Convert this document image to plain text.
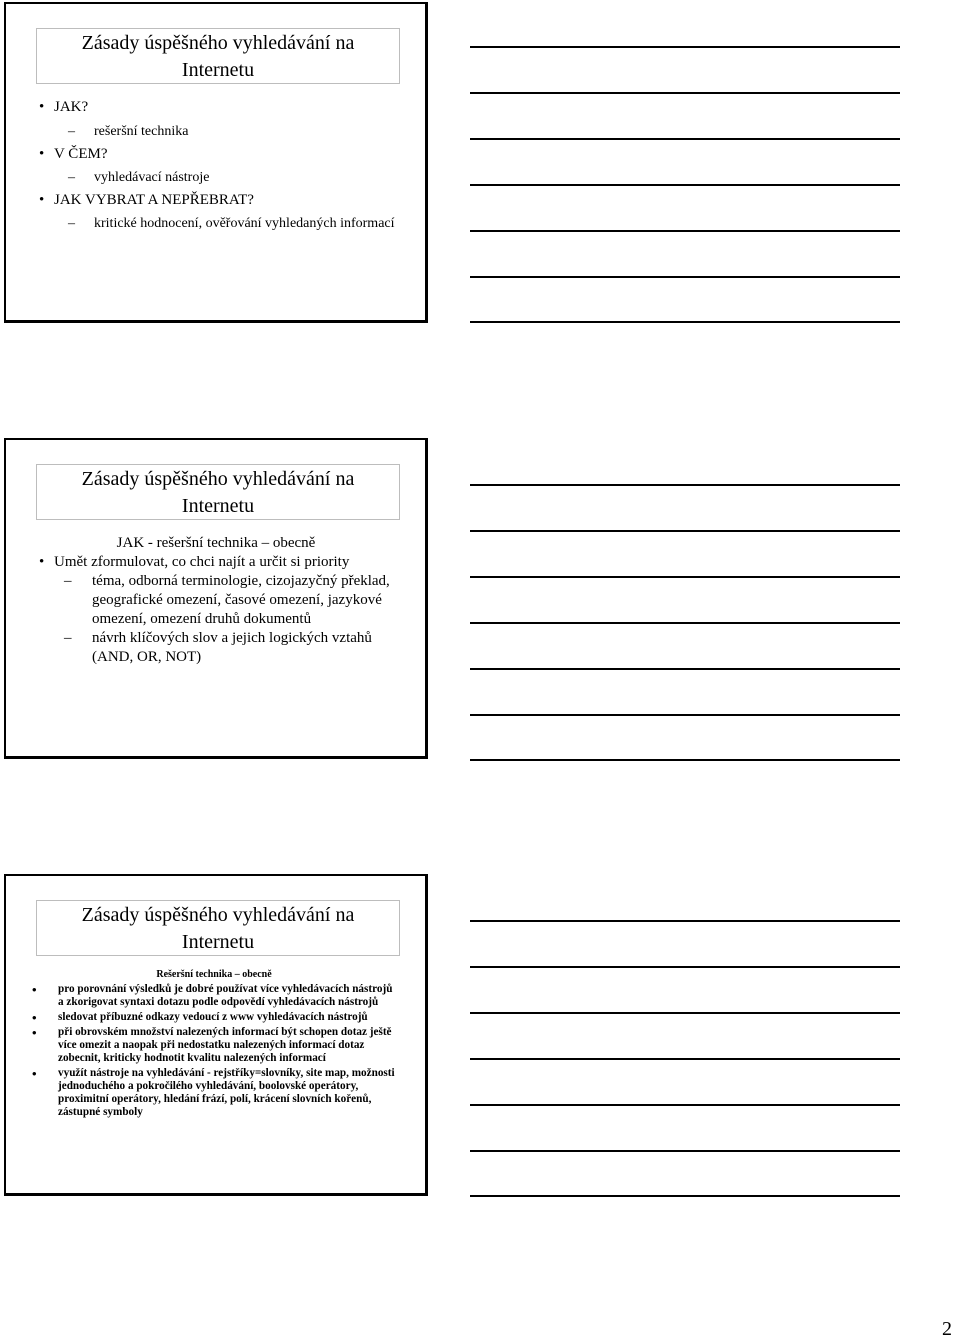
Zásady úspěšného vyhledávání na
Internetu
• JAK?
– rešeršní technika
• V ČEM?
– vyhledávací nástroje
• JAK VYBRAT A NEPŘEBRAT?
– kritické hodnocení, ověřování vyhledaných informací
Zásady úspěšného vyhledávání na
Internetu
JAK - rešeršní technika – obecně
• Umět zformulovat, co chci najít a určit si priority
– téma, odborná terminologie, cizojazyčný překlad, geografické omezení, časové omezení, jazykové omezení, omezení druhů dokumentů
– návrh klíčových slov a jejich logických vztahů (AND, OR, NOT)
Zásady úspěšného vyhledávání na
Internetu
Rešeršní technika – obecně
• pro porovnání výsledků je dobré používat více vyhledávacích nástrojů a zkorigovat syntaxi dotazu podle odpovědí vyhledávacích nástrojů
• sledovat příbuzné odkazy vedoucí z www vyhledávacích nástrojů
• při obrovském množství nalezených informací být schopen dotaz ještě více omezit a naopak při nedostatku nalezených informací dotaz zobecnit, kriticky hodnotit kvalitu nalezených informací
• využít nástroje na vyhledávání - rejstříky=slovníky, site map, možnosti jednoduchého a pokročilého vyhledávání, boolovské operátory, proximitní operátory, hledání frází, polí, krácení slovních kořenů, zástupné symboly
2
